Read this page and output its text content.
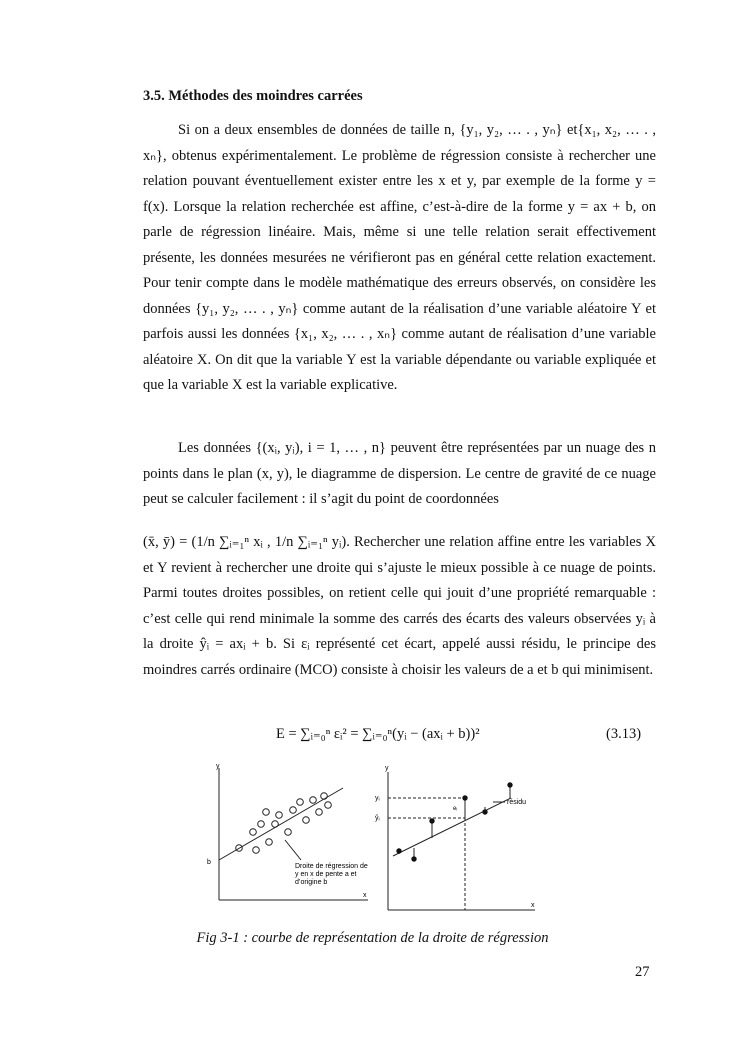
3.5. Méthodes des moindres carrées

Si on a deux ensembles de données de taille n, {y₁, y₂, … . , yₙ} et{x₁, x₂, … . , xₙ}, obtenus expérimentalement. Le problème de régression consiste à rechercher une relation pouvant éventuellement exister entre les x et y, par exemple de la forme y = f(x). Lorsque la relation recherchée est affine, c’est-à-dire de la forme y = ax + b, on parle de régression linéaire. Mais, même si une telle relation serait effectivement présente, les données mesurées ne vérifieront pas en général cette relation exactement. Pour tenir compte dans le modèle mathématique des erreurs observés, on considère les données {y₁, y₂, … . , yₙ} comme autant de la réalisation d’une variable aléatoire Y et parfois aussi les données {x₁, x₂, … . , xₙ} comme autant de réalisation d’une variable aléatoire X. On dit que la variable Y est la variable dépendante ou variable expliquée et que la variable X est la variable explicative.

Les données {(xᵢ, yᵢ), i = 1, … , n} peuvent être représentées par un nuage des n points dans le plan (x, y), le diagramme de dispersion. Le centre de gravité de ce nuage peut se calculer facilement : il s’agit du point de coordonnées

(x̄, ȳ) = (1/n ∑ᵢ₌₁ⁿ xᵢ , 1/n ∑ᵢ₌₁ⁿ yᵢ). Rechercher une relation affine entre les variables X et Y revient à rechercher une droite qui s’ajuste le mieux possible à ce nuage de points. Parmi toutes droites possibles, on retient celle qui jouit d’une propriété remarquable : c’est celle qui rend minimale la somme des carrés des écarts des valeurs observées yᵢ à la droite ŷᵢ = axᵢ + b. Si εᵢ représenté cet écart, appelé aussi résidu, le principe des moindres carrés ordinaire (MCO) consiste à choisir les valeurs de a et b qui minimisent.

E = ∑ᵢ₌₀ⁿ εᵢ² = ∑ᵢ₌₀ⁿ(yᵢ − (axᵢ + b))²	(3.13)
y
x
b
Droite de régression de
y en x de pente a et
d’origine b
y
x
yᵢ
ŷᵢ
eᵢ
résidu
Fig 3-1 : courbe de représentation de la droite de régression
27
